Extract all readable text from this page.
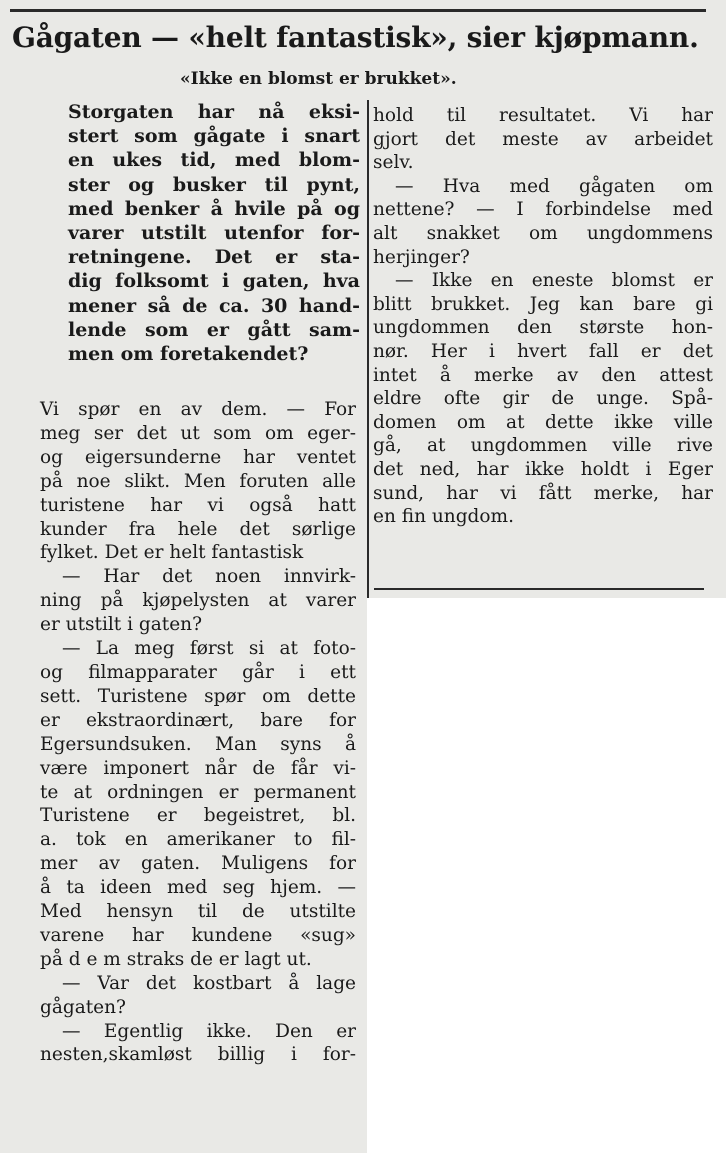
Gågaten — «helt fantastisk», sier kjøpmann.
«Ikke en blomst er brukket».
Storgaten har nå eksi-
stert som gågate i snart
en ukes tid, med blom-
ster og busker til pynt,
med benker å hvile på og
varer utstilt utenfor for-
retningene. Det er sta-
dig folksomt i gaten, hva
mener så de ca. 30 hand-
lende som er gått sam-
men om foretakendet?
Vi spør en av dem. — For
meg ser det ut som om eger-
og eigersunderne har ventet
på noe slikt. Men foruten alle
turistene har vi også hatt
kunder fra hele det sørlige
fylket. Det er helt fantastisk
— Har det noen innvirk-
ning på kjøpelysten at varer
er utstilt i gaten?
— La meg først si at foto-
og filmapparater går i ett
sett. Turistene spør om dette
er ekstraordinært, bare for
Egersundsuken. Man syns å
være imponert når de får vi-
te at ordningen er permanent
Turistene er begeistret, bl.
a. tok en amerikaner to fil-
mer av gaten. Muligens for
å ta ideen med seg hjem. —
Med hensyn til de utstilte
varene har kundene «sug»
på d e m straks de er lagt ut.
— Var det kostbart å lage
gågaten?
— Egentlig ikke. Den er
nesten,skamløst billig i for-
hold til resultatet. Vi har
gjort det meste av arbeidet
selv.
— Hva med gågaten om
nettene? — I forbindelse med
alt snakket om ungdommens
herjinger?
— Ikke en eneste blomst er
blitt brukket. Jeg kan bare gi
ungdommen den største hon-
nør. Her i hvert fall er det
intet å merke av den attest
eldre ofte gir de unge. Spå-
domen om at dette ikke ville
gå, at ungdommen ville rive
det ned, har ikke holdt i Eger
sund, har vi fått merke, har
en fin ungdom.
